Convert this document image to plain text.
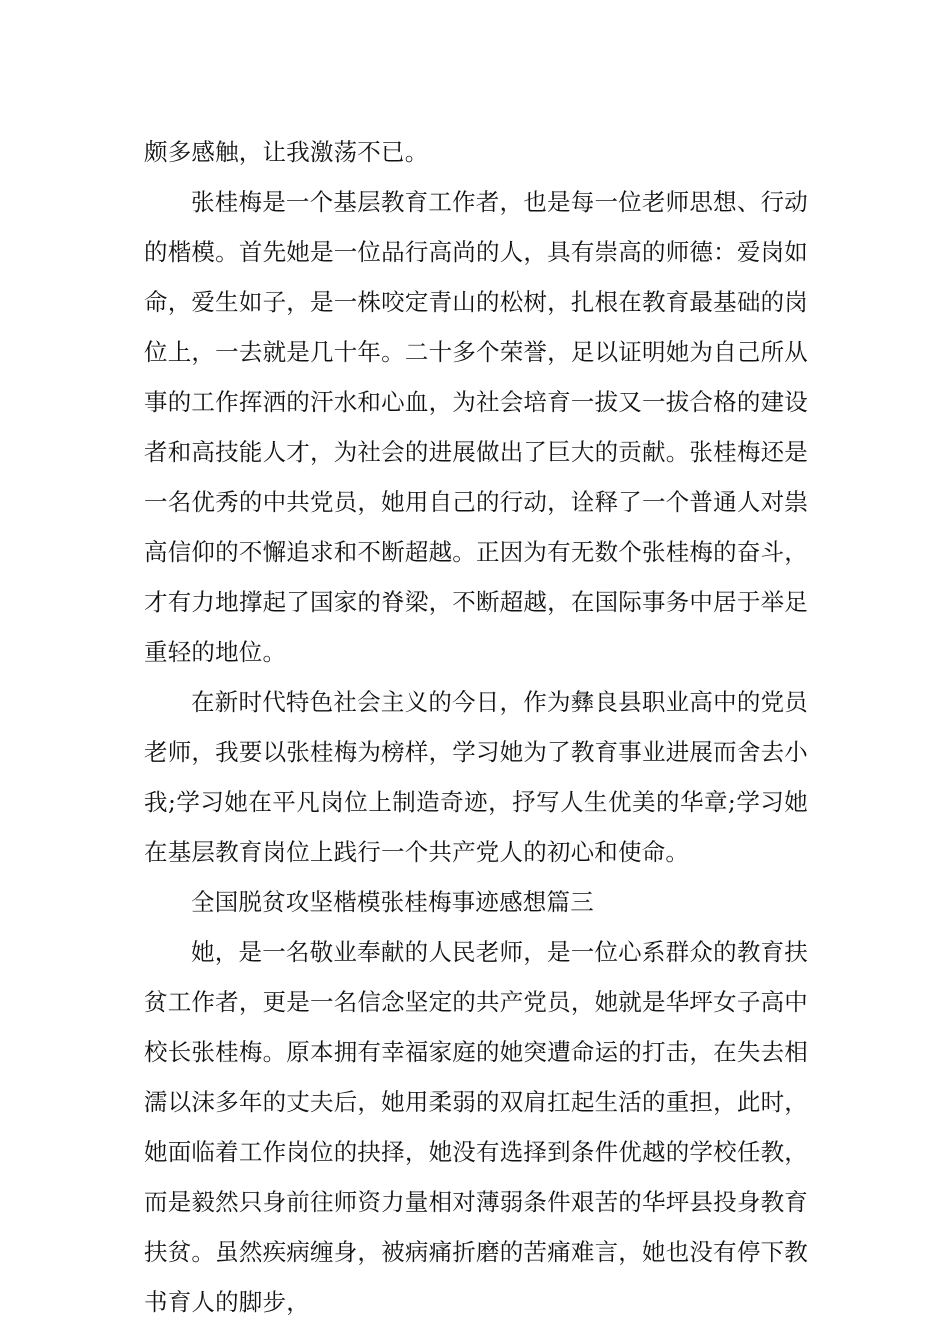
颇多感触，让我激荡不已。

张桂梅是一个基层教育工作者，也是每一位老师思想、行动的楷模。首先她是一位品行高尚的人，具有崇高的师德：爱岗如命，爱生如子，是一株咬定青山的松树，扎根在教育最基础的岗位上，一去就是几十年。二十多个荣誉，足以证明她为自己所从事的工作挥洒的汗水和心血，为社会培育一拔又一拔合格的建设者和高技能人才，为社会的进展做出了巨大的贡献。张桂梅还是一名优秀的中共党员，她用自己的行动，诠释了一个普通人对祟高信仰的不懈追求和不断超越。正因为有无数个张桂梅的奋斗，才有力地撑起了国家的脊梁，不断超越，在国际事务中居于举足重轻的地位。

在新时代特色社会主义的今日，作为彝良县职业高中的党员老师，我要以张桂梅为榜样，学习她为了教育事业进展而舍去小我;学习她在平凡岗位上制造奇迹，抒写人生优美的华章;学习她在基层教育岗位上践行一个共产党人的初心和使命。

全国脱贫攻坚楷模张桂梅事迹感想篇三

她，是一名敬业奉献的人民老师，是一位心系群众的教育扶贫工作者，更是一名信念坚定的共产党员，她就是华坪女子高中校长张桂梅。原本拥有幸福家庭的她突遭命运的打击，在失去相濡以沫多年的丈夫后，她用柔弱的双肩扛起生活的重担，此时，她面临着工作岗位的抉择，她没有选择到条件优越的学校任教，而是毅然只身前往师资力量相对薄弱条件艰苦的华坪县投身教育扶贫。虽然疾病缠身，被病痛折磨的苦痛难言，她也没有停下教书育人的脚步，
